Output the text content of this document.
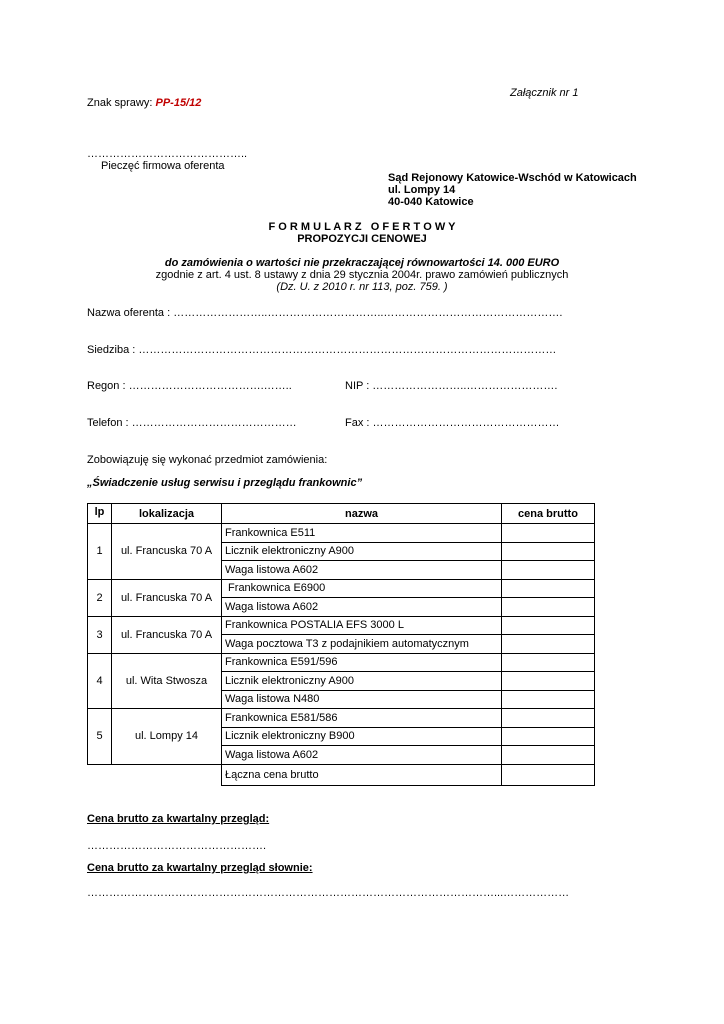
Załącznik nr 1
Znak sprawy: PP-15/12
……………………………………..
Pieczęć firmowa oferenta
Sąd Rejonowy Katowice-Wschód w Katowicach
ul. Lompy 14
40-040 Katowice
F O R M U L A R Z   O F E R T O W Y
PROPOZYCJI CENOWEJ
do zamówienia o wartości nie przekraczającej równowartości 14. 000 EURO
zgodnie z art. 4 ust. 8 ustawy z dnia 29 stycznia 2004r. prawo zamówień publicznych
(Dz. U. z 2010 r. nr 113, poz. 759. )
Nazwa oferenta : ……………………..…………………………..………………………………………….
Siedziba : ……………………………………………………………………………………………………
Regon : ……………………………….……..	NIP : ……………………..…………………….
Telefon : ………………………………………	Fax : ……………………………………………
Zobowiązuję się wykonać przedmiot zamówienia:
„Świadczenie usług serwisu i przeglądu frankownic”
lp	lokalizacja	nazwa	cena brutto
1	ul. Francuska 70 A	Frankownica E511	
		Licznik elektroniczny A900	
		Waga listowa A602	
2	ul. Francuska 70 A	Frankownica E6900	
		Waga listowa A602	
3	ul. Francuska 70 A	Frankownica POSTALIA EFS 3000 L	
		Waga pocztowa T3 z podajnikiem automatycznym	
4	ul. Wita Stwosza	Frankownica E591/596	
		Licznik elektroniczny A900	
		Waga listowa N480	
5	ul. Lompy 14	Frankownica E581/586	
		Licznik elektroniczny B900	
		Waga listowa A602	
		Łączna cena brutto	
Cena brutto za kwartalny przegląd:
………………………………………….
Cena brutto za kwartalny przegląd słownie:
…………………………………………………………………………………………………...………………
